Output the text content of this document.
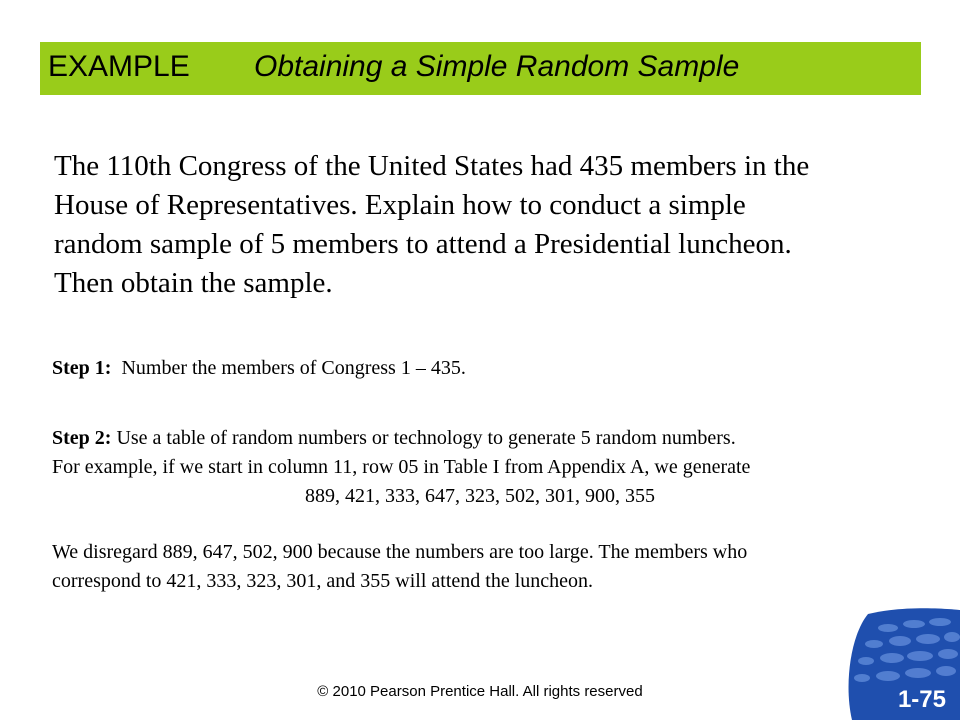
EXAMPLE Obtaining a Simple Random Sample
The 110th Congress of the United States had 435 members in the
House of Representatives. Explain how to conduct a simple
random sample of 5 members to attend a Presidential luncheon.
Then obtain the sample.
Step 1:  Number the members of Congress 1 – 435.
Step 2: Use a table of random numbers or technology to generate 5 random numbers.
For example, if we start in column 11, row 05 in Table I from Appendix A, we generate
889, 421, 333, 647, 323, 502, 301, 900, 355
We disregard 889, 647, 502, 900 because the numbers are too large. The members who
correspond to 421, 333, 323, 301, and 355 will attend the luncheon.
© 2010 Pearson Prentice Hall. All rights reserved	1-75
